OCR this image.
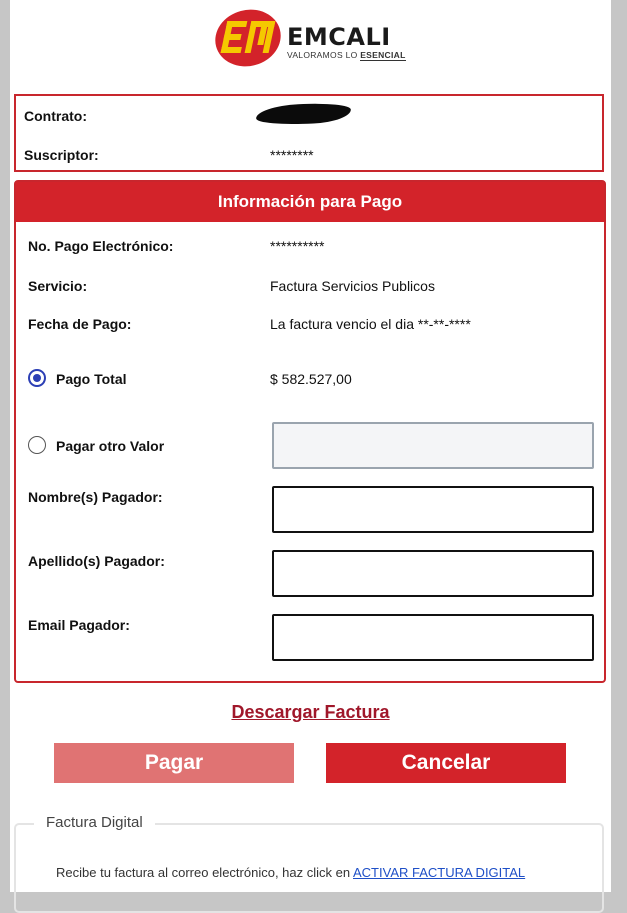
EMCALI
VALORAMOS LO ESENCIAL
Contrato:
Suscriptor:	********
Información para Pago
No. Pago Electrónico:	**********
Servicio:	Factura Servicios Publicos
Fecha de Pago:	La factura vencio el dia **-**-****
Pago Total	$ 582.527,00
Pagar otro Valor
Nombre(s) Pagador:
Apellido(s) Pagador:
Email Pagador:
Descargar Factura
Pagar	Cancelar
Factura Digital
Recibe tu factura al correo electrónico, haz click en ACTIVAR FACTURA DIGITAL
